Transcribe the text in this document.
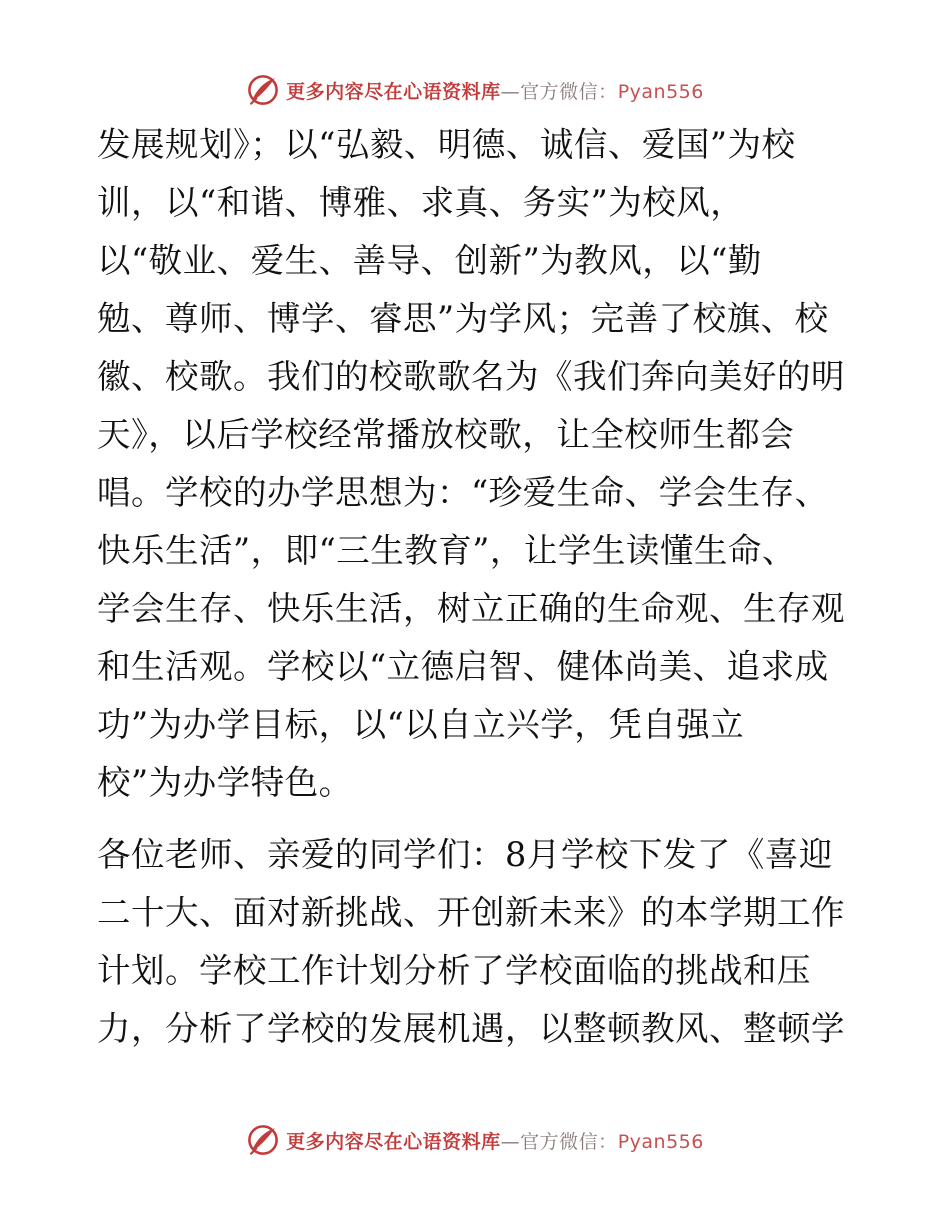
更多内容尽在心语资料库—官方微信：Pyan556
发展规划》；以“弘毅、明德、诚信、爱国”为校
训，以“和谐、博雅、求真、务实”为校风，
以“敬业、爱生、善导、创新”为教风，以“勤
勉、尊师、博学、睿思”为学风；完善了校旗、校
徽、校歌。我们的校歌歌名为《我们奔向美好的明
天》，以后学校经常播放校歌，让全校师生都会
唱。学校的办学思想为：“珍爱生命、学会生存、
快乐生活”，即“三生教育”，让学生读懂生命、
学会生存、快乐生活，树立正确的生命观、生存观
和生活观。学校以“立德启智、健体尚美、追求成
功”为办学目标，以“以自立兴学，凭自强立
校”为办学特色。
各位老师、亲爱的同学们：8月学校下发了《喜迎
二十大、面对新挑战、开创新未来》的本学期工作
计划。学校工作计划分析了学校面临的挑战和压
力，分析了学校的发展机遇，以整顿教风、整顿学
更多内容尽在心语资料库—官方微信：Pyan556
